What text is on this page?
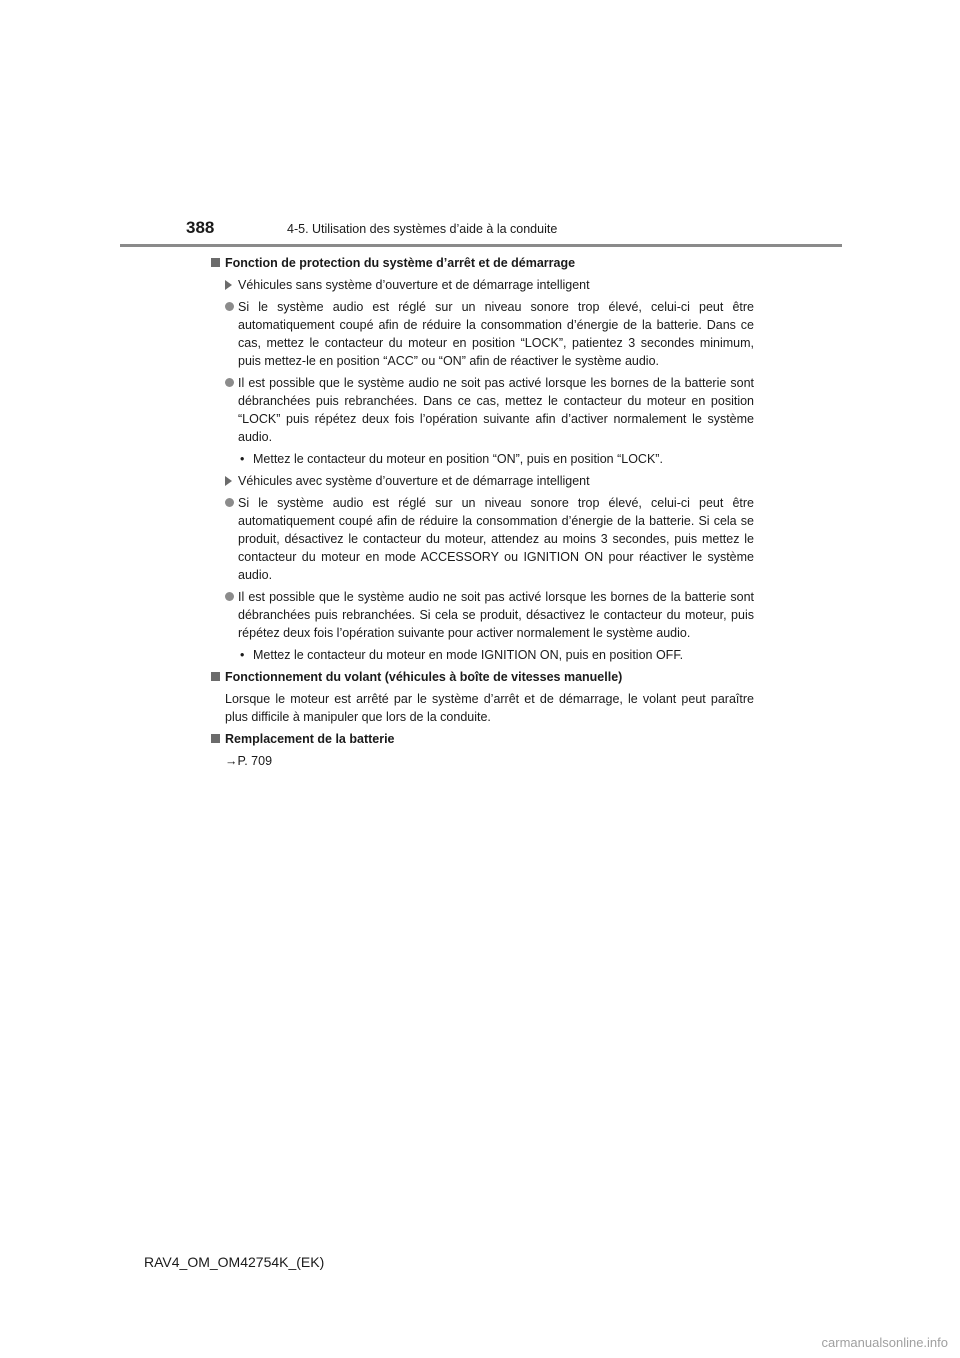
388	4-5. Utilisation des systèmes d’aide à la conduite
Fonction de protection du système d’arrêt et de démarrage
Véhicules sans système d’ouverture et de démarrage intelligent
Si le système audio est réglé sur un niveau sonore trop élevé, celui-ci peut être automatiquement coupé afin de réduire la consommation d’énergie de la batterie. Dans ce cas, mettez le contacteur du moteur en position “LOCK”, patientez 3 secondes minimum, puis mettez-le en position “ACC” ou “ON” afin de réactiver le système audio.
Il est possible que le système audio ne soit pas activé lorsque les bornes de la batterie sont débranchées puis rebranchées. Dans ce cas, mettez le contacteur du moteur en position “LOCK” puis répétez deux fois l’opération suivante afin d’activer normalement le système audio.
• Mettez le contacteur du moteur en position “ON”, puis en position “LOCK”.
Véhicules avec système d’ouverture et de démarrage intelligent
Si le système audio est réglé sur un niveau sonore trop élevé, celui-ci peut être automatiquement coupé afin de réduire la consommation d’énergie de la batterie. Si cela se produit, désactivez le contacteur du moteur, attendez au moins 3 secondes, puis mettez le contacteur du moteur en mode ACCESSORY ou IGNITION ON pour réactiver le système audio.
Il est possible que le système audio ne soit pas activé lorsque les bornes de la batterie sont débranchées puis rebranchées. Si cela se produit, désactivez le contacteur du moteur, puis répétez deux fois l’opération suivante pour activer normalement le système audio.
• Mettez le contacteur du moteur en mode IGNITION ON, puis en position OFF.
Fonctionnement du volant (véhicules à boîte de vitesses manuelle)
Lorsque le moteur est arrêté par le système d’arrêt et de démarrage, le volant peut paraître plus difficile à manipuler que lors de la conduite.
Remplacement de la batterie
→P. 709
RAV4_OM_OM42754K_(EK)
carmanualsonline.info
